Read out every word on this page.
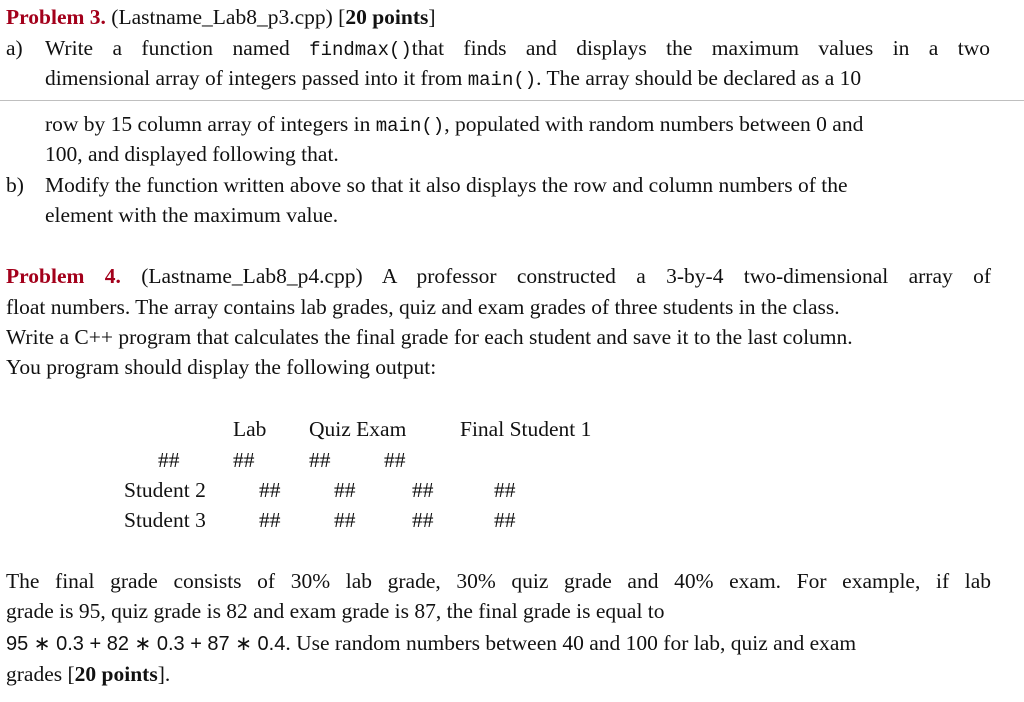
Problem 3. (Lastname_Lab8_p3.cpp) [20 points]
a) Write a function named findmax()that finds and displays the maximum values in a two
dimensional array of integers passed into it from main(). The array should be declared as a 10
row by 15 column array of integers in main(), populated with random numbers between 0 and
100, and displayed following that.
b) Modify the function written above so that it also displays the row and column numbers of the
element with the maximum value.
Problem 4. (Lastname_Lab8_p4.cpp) A professor constructed a 3-by-4 two-dimensional array of
float numbers. The array contains lab grades, quiz and exam grades of three students in the class.
Write a C++ program that calculates the final grade for each student and save it to the last column.
You program should display the following output:
Lab Quiz Exam Final Student 1
## ##	## ##
Student 2 ## ##	##	##
Student 3 ## ##	##	##
The final grade consists of 30% lab grade, 30% quiz grade and 40% exam. For example, if lab
grade is 95, quiz grade is 82 and exam grade is 87, the final grade is equal to
95 ∗ 0.3 + 82 ∗ 0.3 + 87 ∗ 0.4. Use random numbers between 40 and 100 for lab, quiz and exam
grades [20 points].
